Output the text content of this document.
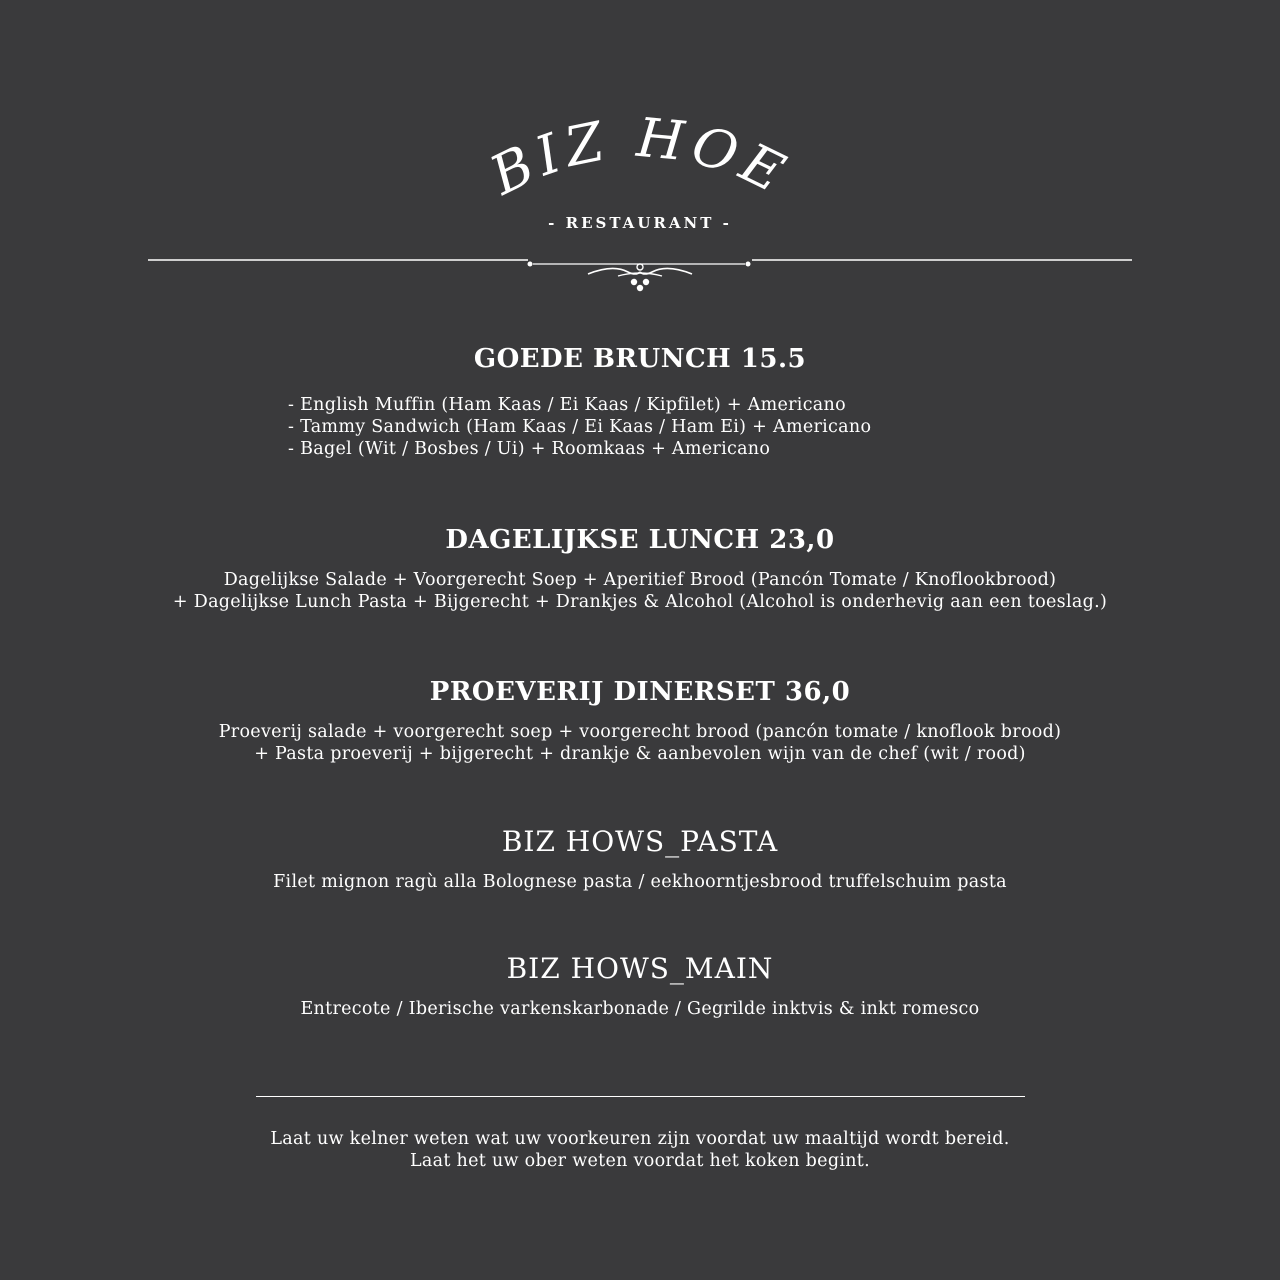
BIZ HOE
- RESTAURANT -
GOEDE BRUNCH 15.5
- English Muffin (Ham Kaas / Ei Kaas / Kipfilet) + Americano
- Tammy Sandwich (Ham Kaas / Ei Kaas / Ham Ei) + Americano
- Bagel (Wit / Bosbes / Ui) + Roomkaas + Americano
DAGELIJKSE LUNCH 23,0
Dagelijkse Salade + Voorgerecht Soep + Aperitief Brood (Pancón Tomate / Knoflookbrood)
+ Dagelijkse Lunch Pasta + Bijgerecht + Drankjes & Alcohol (Alcohol is onderhevig aan een toeslag.)
PROEVERIJ DINERSET 36,0
Proeverij salade + voorgerecht soep + voorgerecht brood (pancón tomate / knoflook brood)
+ Pasta proeverij + bijgerecht + drankje & aanbevolen wijn van de chef (wit / rood)
BIZ HOWS_PASTA
Filet mignon ragù alla Bolognese pasta / eekhoorntjesbrood truffelschuim pasta
BIZ HOWS_MAIN
Entrecote / Iberische varkenskarbonade / Gegrilde inktvis & inkt romesco
Laat uw kelner weten wat uw voorkeuren zijn voordat uw maaltijd wordt bereid.
Laat het uw ober weten voordat het koken begint.
